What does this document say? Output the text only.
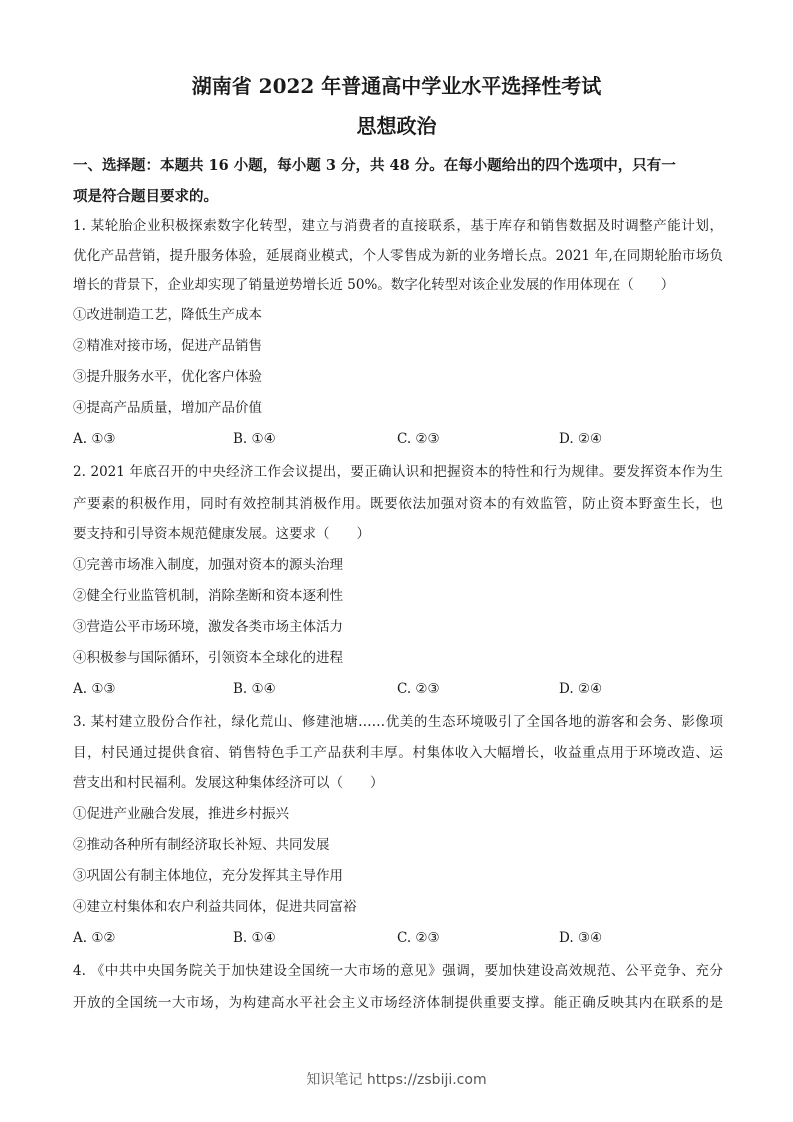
湖南省 2022 年普通高中学业水平选择性考试
思想政治
一、选择题：本题共 16 小题，每小题 3 分，共 48 分。在每小题给出的四个选项中，只有一
项是符合题目要求的。
1. 某轮胎企业积极探索数字化转型，建立与消费者的直接联系，基于库存和销售数据及时调整产能计划，
优化产品营销，提升服务体验，延展商业模式，个人零售成为新的业务增长点。2021 年,在同期轮胎市场负
增长的背景下，企业却实现了销量逆势增长近 50%。数字化转型对该企业发展的作用体现在（　　）
①改进制造工艺，降低生产成本
②精准对接市场，促进产品销售
③提升服务水平，优化客户体验
④提高产品质量，增加产品价值
A. ①③	B. ①④	C. ②③	D. ②④
2. 2021 年底召开的中央经济工作会议提出，要正确认识和把握资本的特性和行为规律。要发挥资本作为生
产要素的积极作用，同时有效控制其消极作用。既要依法加强对资本的有效监管，防止资本野蛮生长，也
要支持和引导资本规范健康发展。这要求（　　）
①完善市场准入制度，加强对资本的源头治理
②健全行业监管机制，消除垄断和资本逐利性
③营造公平市场环境，激发各类市场主体活力
④积极参与国际循环，引领资本全球化的进程
A. ①③	B. ①④	C. ②③	D. ②④
3. 某村建立股份合作社，绿化荒山、修建池塘……优美的生态环境吸引了全国各地的游客和会务、影像项
目，村民通过提供食宿、销售特色手工产品获利丰厚。村集体收入大幅增长，收益重点用于环境改造、运
营支出和村民福利。发展这种集体经济可以（　　）
①促进产业融合发展，推进乡村振兴
②推动各种所有制经济取长补短、共同发展
③巩固公有制主体地位，充分发挥其主导作用
④建立村集体和农户利益共同体，促进共同富裕
A. ①②	B. ①④	C. ②③	D. ③④
4. 《中共中央国务院关于加快建设全国统一大市场的意见》强调，要加快建设高效规范、公平竞争、充分
开放的全国统一大市场，为构建高水平社会主义市场经济体制提供重要支撑。能正确反映其内在联系的是
知识笔记 https://zsbiji.com
